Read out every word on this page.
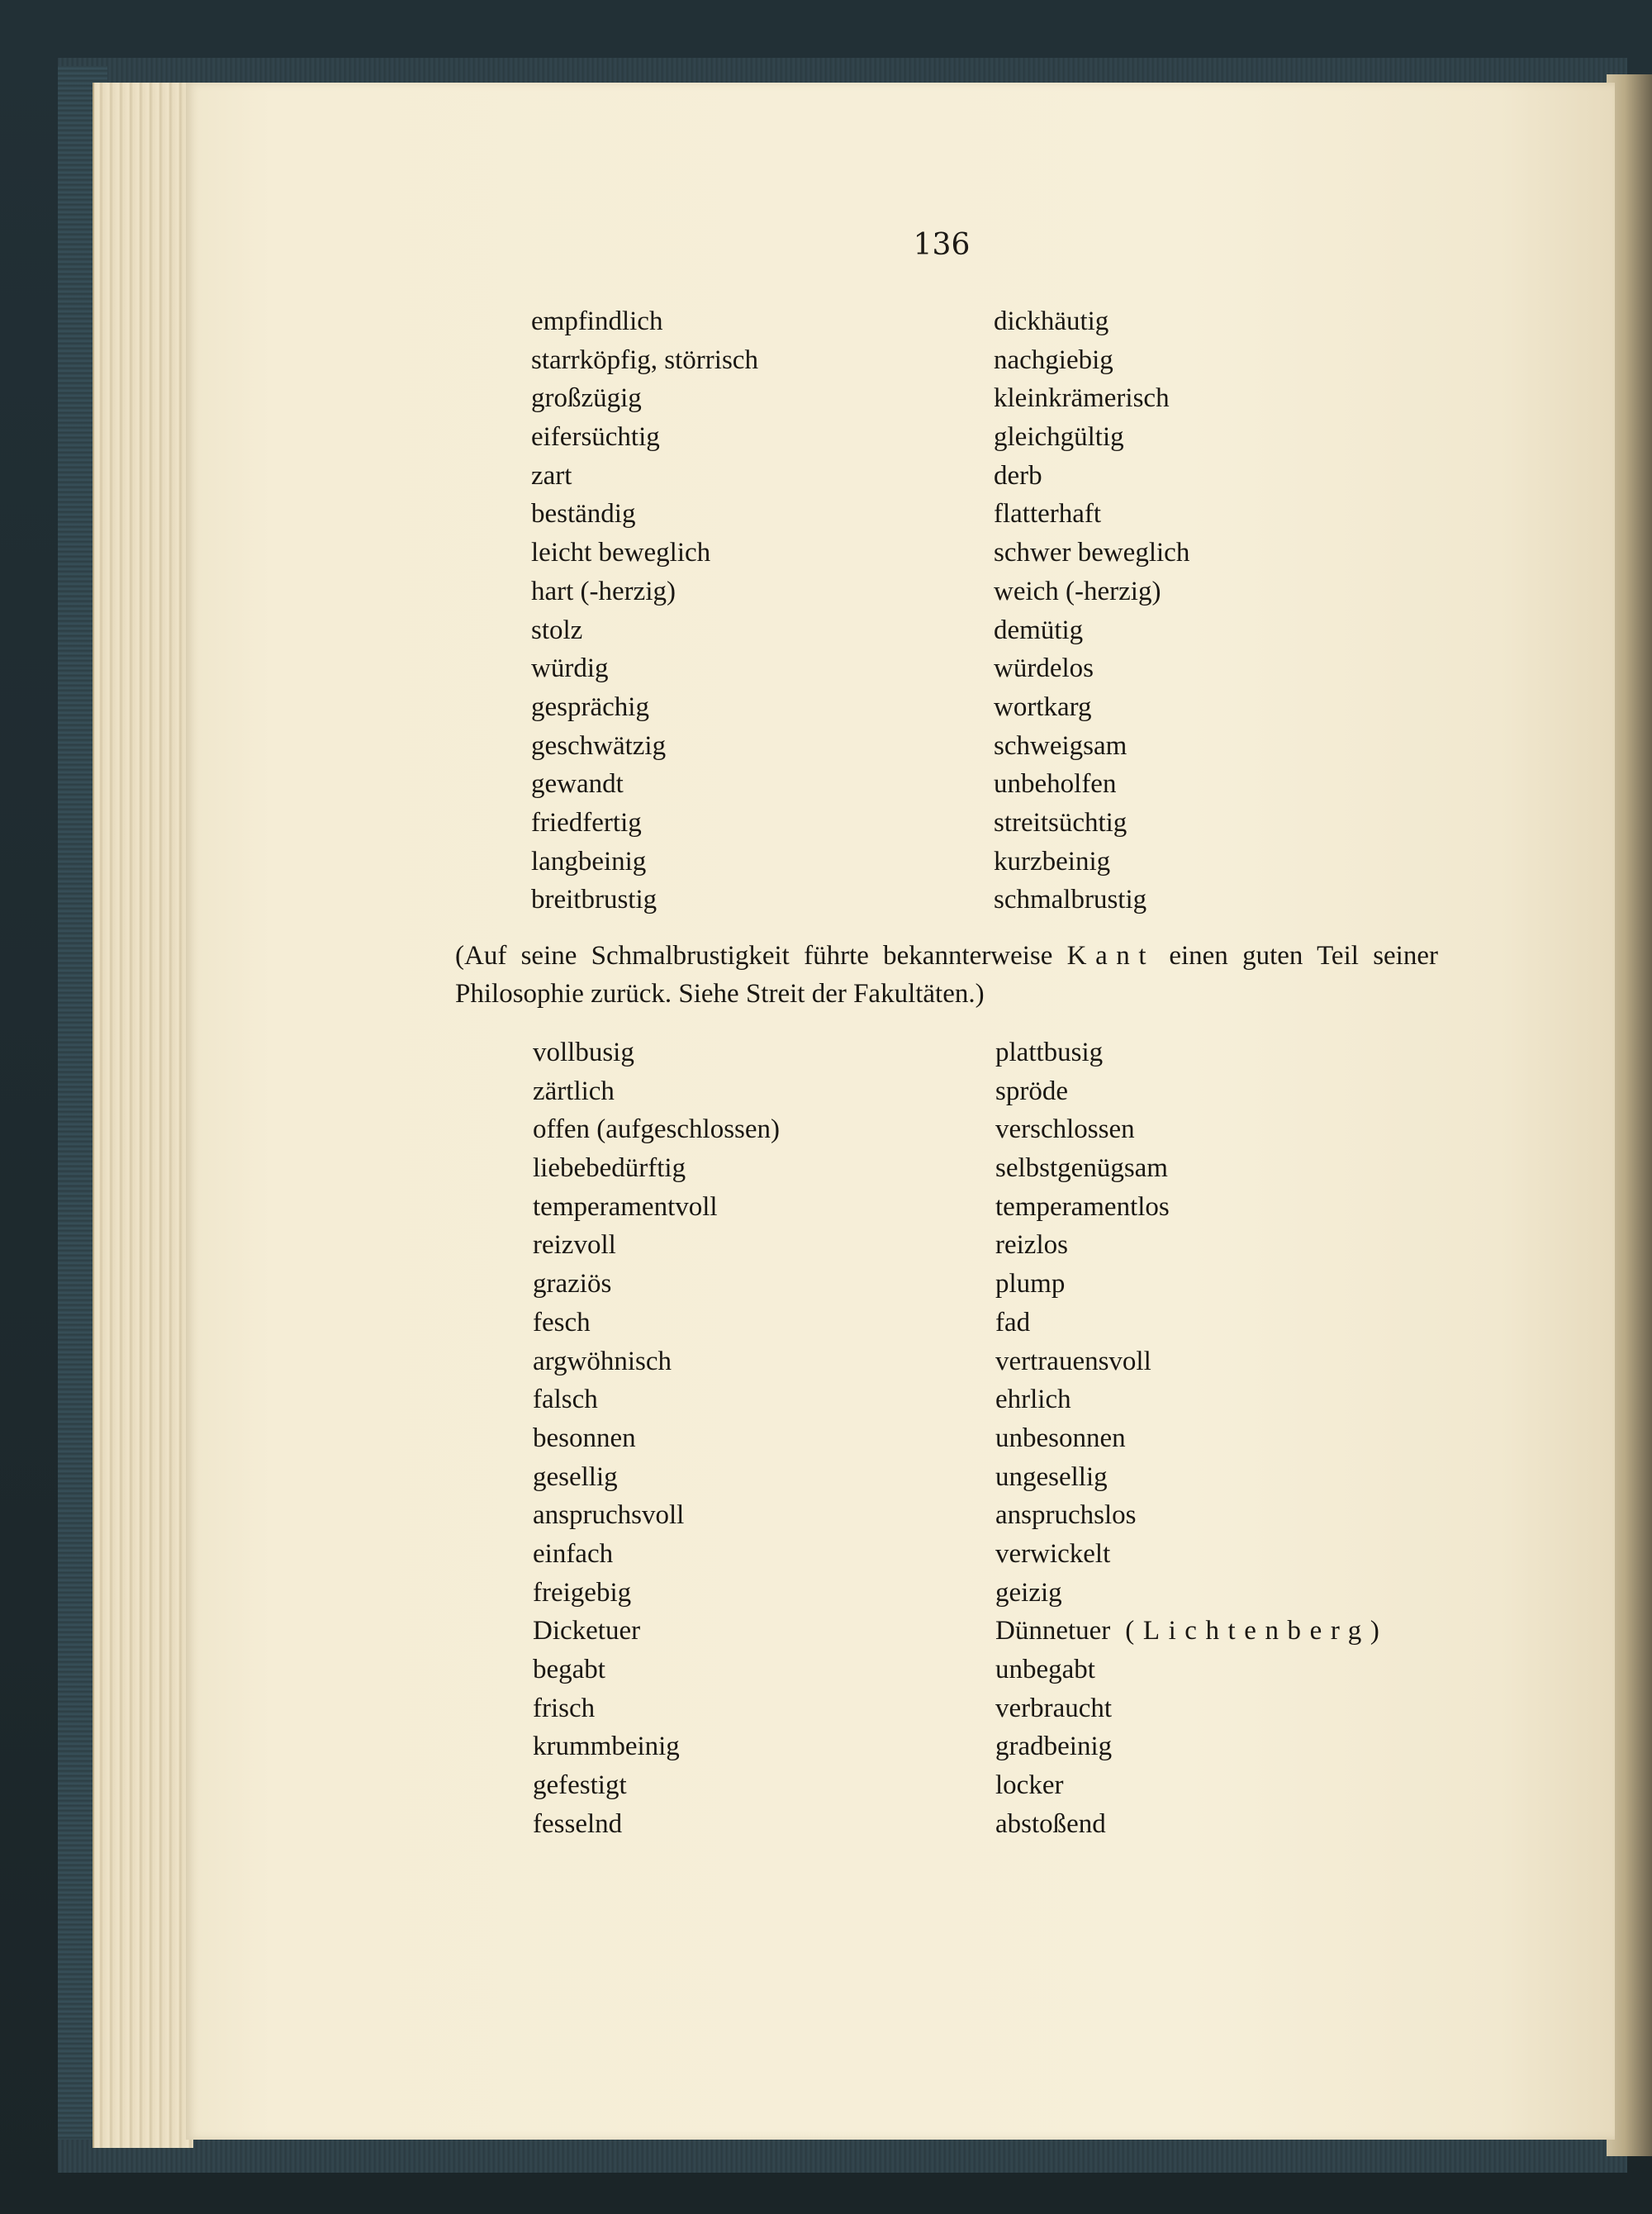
136
empfindlich
starrköpfig, störrisch
großzügig
eifersüchtig
zart
beständig
leicht beweglich
hart (-herzig)
stolz
würdig
gesprächig
geschwätzig
gewandt
friedfertig
langbeinig
breitbrustig
dickhäutig
nachgiebig
kleinkrämerisch
gleichgültig
derb
flatterhaft
schwer beweglich
weich (-herzig)
demütig
würdelos
wortkarg
schweigsam
unbeholfen
streitsüchtig
kurzbeinig
schmalbrustig

(Auf seine Schmalbrustigkeit führte bekannterweise Kant einen guten Teil seiner Philosophie zurück. Siehe Streit der Fakultäten.)

vollbusig
zärtlich
offen (aufgeschlossen)
liebebedürftig
temperamentvoll
reizvoll
graziös
fesch
argwöhnisch
falsch
besonnen
gesellig
anspruchsvoll
einfach
freigebig
Dicketuer
begabt
frisch
krummbeinig
gefestigt
fesselnd
plattbusig
spröde
verschlossen
selbstgenügsam
temperamentlos
reizlos
plump
fad
vertrauensvoll
ehrlich
unbesonnen
ungesellig
anspruchslos
verwickelt
geizig
Dünnetuer (Lichtenberg)
unbegabt
verbraucht
gradbeinig
locker
abstoßend
